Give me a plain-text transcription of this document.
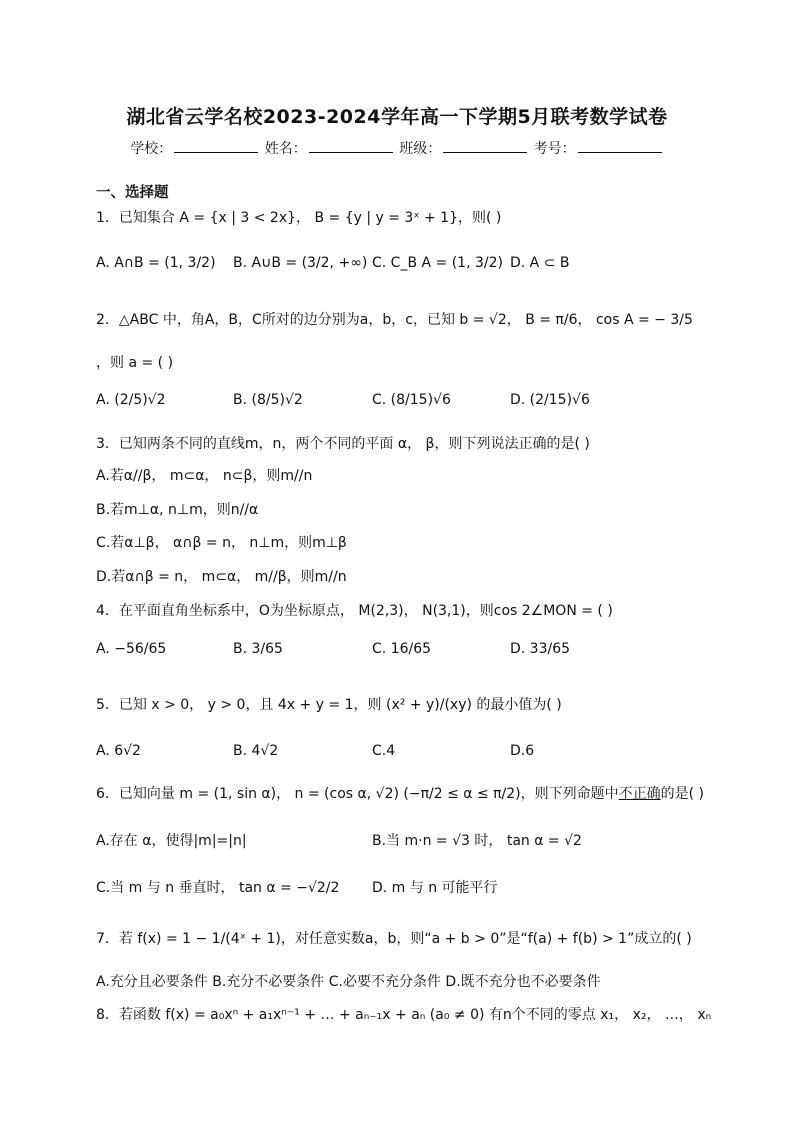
湖北省云学名校2023-2024学年高一下学期5月联考数学试卷
学校：	姓名：	班级：	考号：
一、选择题
1．已知集合 A = {x | 3 < 2x}， B = {y | y = 3ˣ + 1}，则( )
A. A∩B = (1, 3/2) B. A∪B = (3/2, +∞) C. C_B A = (1, 3/2) D. A ⊂ B
2．△ABC 中，角A，B，C所对的边分别为a，b，c，已知 b = √2， B = π/6， cos A = − 3/5
，则 a = ( )
A. (2/5)√2	B. (8/5)√2	C. (8/15)√6	D. (2/15)√6
3．已知两条不同的直线m，n，两个不同的平面 α， β，则下列说法正确的是( )
A.若α//β， m⊂α， n⊂β，则m//n
B.若m⊥α, n⊥m，则n//α
C.若α⊥β， α∩β = n， n⊥m，则m⊥β
D.若α∩β = n， m⊂α， m//β，则m//n
4．在平面直角坐标系中，O为坐标原点， M(2,3)， N(3,1)，则cos 2∠MON = ( )
A. −56/65	B. 3/65	C. 16/65	D. 33/65
5．已知 x > 0， y > 0，且 4x + y = 1，则 (x² + y)/(xy) 的最小值为( )
A. 6√2	B. 4√2	C.4	D.6
6．已知向量 m = (1, sin α)， n = (cos α, √2) (−π/2 ≤ α ≤ π/2)，则下列命题中不正确的是( )
A.存在 α，使得|m|=|n|	B.当 m·n = √3 时， tan α = √2
C.当 m 与 n 垂直时， tan α = −√2/2 D. m 与 n 可能平行
7．若 f(x) = 1 − 1/(4ˣ + 1)，对任意实数a，b，则“a + b > 0”是“f(a) + f(b) > 1”成立的( )
A.充分且必要条件 B.充分不必要条件 C.必要不充分条件 D.既不充分也不必要条件
8．若函数 f(x) = a₀xⁿ + a₁xⁿ⁻¹ + … + aₙ₋₁x + aₙ (a₀ ≠ 0) 有n个不同的零点 x₁， x₂， …， xₙ
